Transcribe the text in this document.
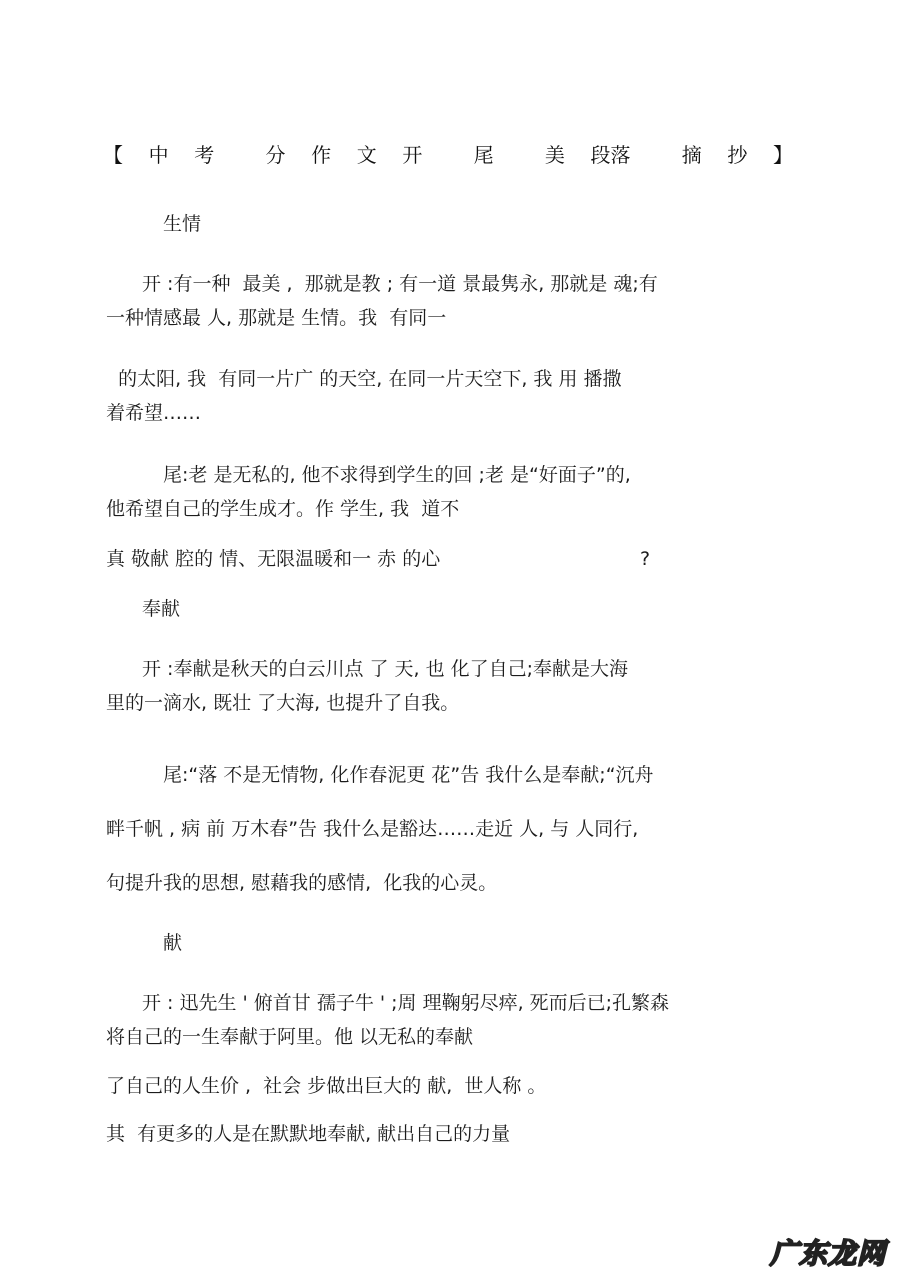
【 中 考	分 作 文 开	尾	美 段落	摘 抄 】
生情
开 :有一种  最美 ,  那就是教 ; 有一道 景最隽永, 那就是 魂;有
一种情感最 人, 那就是 生情。我  有同一
的太阳, 我  有同一片广 的天空, 在同一片天空下, 我 用 播撒
着希望……
尾:老 是无私的, 他不求得到学生的回 ;老 是“好面子”的,
他希望自己的学生成才。作 学生, 我  道不
真 敬献 腔的 情、无限温暖和一 赤 的心	?
奉献
开 :奉献是秋天的白云川点 了 天, 也 化了自己;奉献是大海
里的一滴水, 既壮 了大海, 也提升了自我。
尾:“落 不是无情物, 化作春泥更 花”告 我什么是奉献;“沉舟
畔千帆 , 病 前 万木春”告 我什么是豁达……走近 人, 与 人同行,
句提升我的思想, 慰藉我的感情,  化我的心灵。
献
开 : 迅先生 ' 俯首甘 孺子牛 ' ;周 理鞠躬尽瘁, 死而后已;孔繁森
将自己的一生奉献于阿里。他 以无私的奉献
了自己的人生价 ,  社会 步做出巨大的 献,  世人称 。
其  有更多的人是在默默地奉献, 献出自己的力量
广东龙网
